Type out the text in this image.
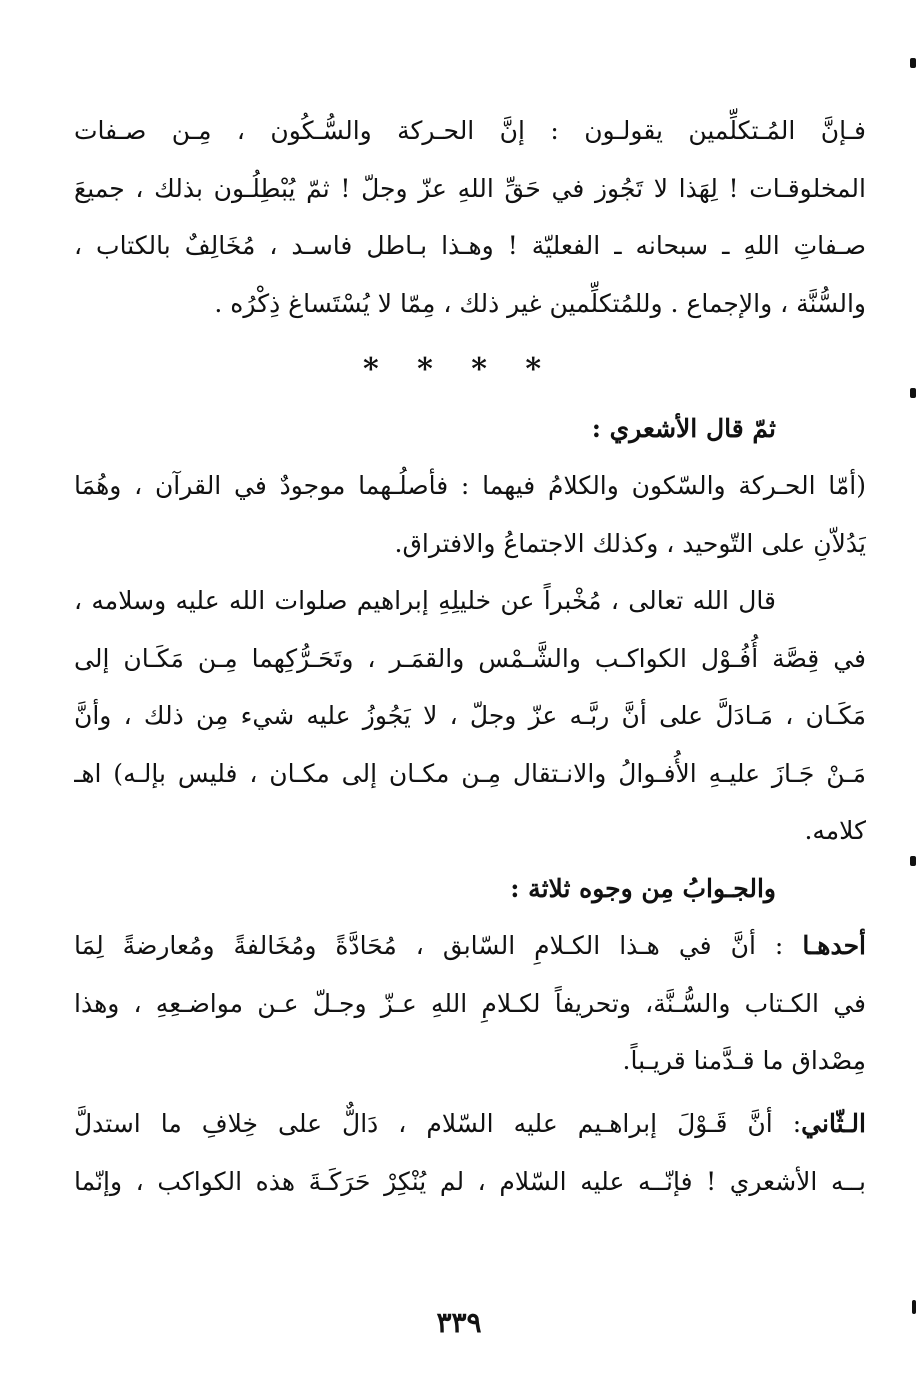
فـإنَّ المُـتكلِّمين يقولـون : إنَّ الحـركة والسُّـكُون ، مِـن صـفات
المخلوقـات ! لِهَذا لا تَجُوز في حَقِّ اللهِ عزّ وجلّ ! ثمّ يُبْطِلُـون بذلك ، جميعَ
صـفاتِ اللهِ ـ سبحانه ـ الفعليّة ! وهـذا بـاطل فاسـد ، مُخَالِفٌ بالكتاب ،
والسُّنَّة ، والإجماع . وللمُتكلِّمين غير ذلك ، مِمّا لا يُسْتَساغ ذِكْرُه .
* * * *
ثمّ قال الأشعري :
(أمّا الحـركة والسّكون والكلامُ فيهما : فأصلُـهما موجودٌ في القرآن ، وهُمَا
يَدُلاّنِ على التّوحيد ، وكذلك الاجتماعُ والافتراق.
قال الله تعالى ، مُخْبراً عن خليلِهِ إبراهيم صلوات الله عليه وسلامه ،
في قِصَّة أُفُـوْل الكواكـب والشَّـمْس والقمَـر ، وتَحَـرُّكِهما مِـن مَكَـان إلى
مَكَـان ، مَـادَلَّ على أنَّ ربَّـه عزّ وجلّ ، لا يَجُوزُ عليه شيء مِن ذلك ، وأنَّ
مَـنْ جَـازَ عليـهِ الأُفـوالُ والانـتقال مِـن مكـان إلى مكـان ، فليس بإلـه) اهـ
كلامه.
والجـوابُ مِن وجوه ثلاثة :
أحدهـا : أنَّ في هـذا الكـلامِ السّابق ، مُحَادَّةً ومُخَالفةً ومُعارضةً لِمَا
في الكـتاب والسُّـنَّة، وتحريفاً لكـلامِ اللهِ عـزّ وجـلّ عـن مواضـعِهِ ، وهذا
مِصْداق ما قـدَّمنا قريـباً.
الـثّاني: أنَّ قَـوْلَ إبراهـيم عليه السّلام ، دَالٌّ على خِلافِ ما استدلَّ
بــه الأشعري ! فإنّــه عليه السّلام ، لم يُنْكِرْ حَرَكَـةَ هذه الكواكب ، وإنّما
٣٣٩
